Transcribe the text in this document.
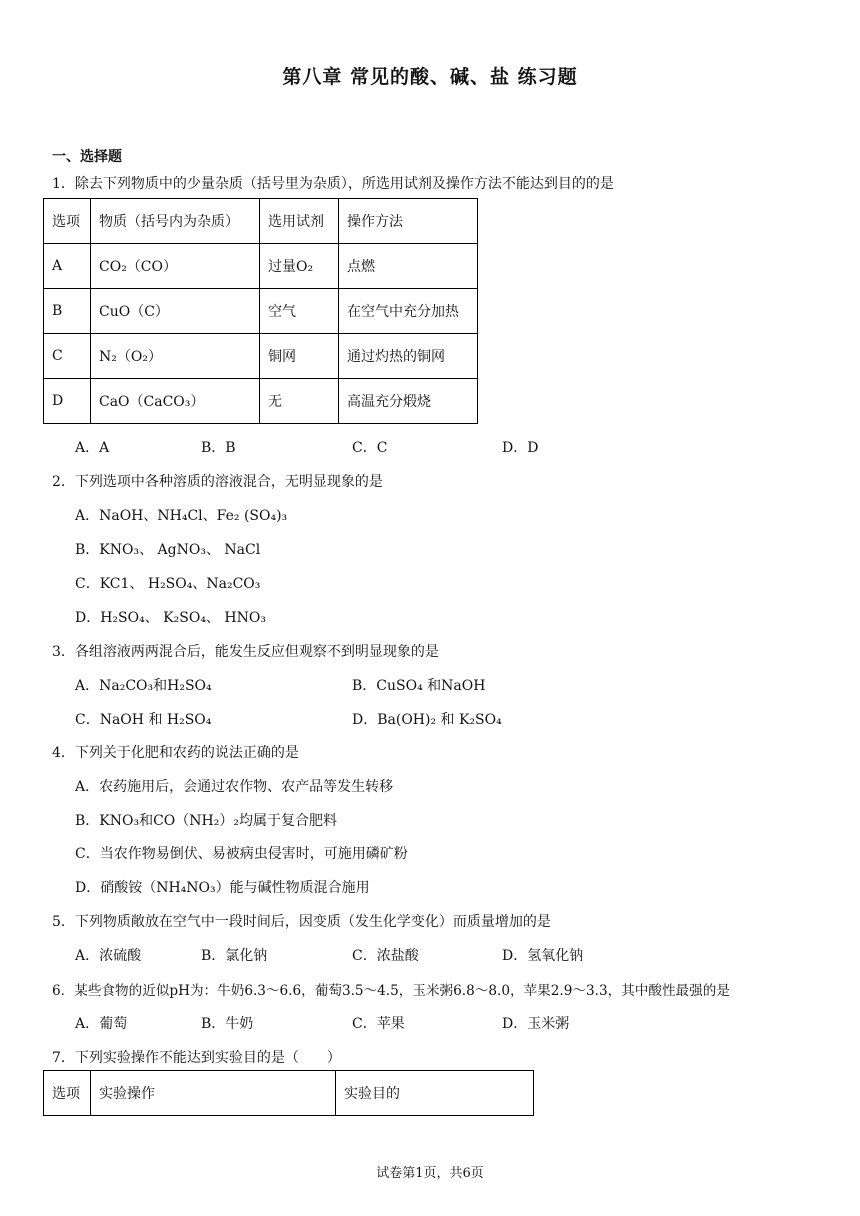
第八章 常见的酸、碱、盐 练习题
一、选择题
1．除去下列物质中的少量杂质（括号里为杂质），所选用试剂及操作方法不能达到目的的是
选项	物质（括号内为杂质）	选用试剂	操作方法
A	CO₂（CO）	过量O₂	点燃
B	CuO（C）	空气	在空气中充分加热
C	N₂（O₂）	铜网	通过灼热的铜网
D	CaO（CaCO₃）	无	高温充分煅烧
A．A	B．B	C．C	D．D
2．下列选项中各种溶质的溶液混合，无明显现象的是
A．NaOH、NH₄Cl、Fe₂ (SO₄)₃
B．KNO₃、 AgNO₃、 NaCl
C．KC1、 H₂SO₄、Na₂CO₃
D．H₂SO₄、 K₂SO₄、 HNO₃
3．各组溶液两两混合后，能发生反应但观察不到明显现象的是
A．Na₂CO₃和H₂SO₄	B．CuSO₄ 和NaOH
C．NaOH 和 H₂SO₄	D．Ba(OH)₂ 和 K₂SO₄
4．下列关于化肥和农药的说法正确的是
A．农药施用后，会通过农作物、农产品等发生转移
B．KNO₃和CO（NH₂）₂均属于复合肥料
C．当农作物易倒伏、易被病虫侵害时，可施用磷矿粉
D．硝酸铵（NH₄NO₃）能与碱性物质混合施用
5．下列物质敞放在空气中一段时间后，因变质（发生化学变化）而质量增加的是
A．浓硫酸	B．氯化钠	C．浓盐酸	D．氢氧化钠
6．某些食物的近似pH为：牛奶6.3～6.6，葡萄3.5～4.5，玉米粥6.8～8.0，苹果2.9～3.3，其中酸性最强的是
A．葡萄	B．牛奶	C．苹果	D．玉米粥
7．下列实验操作不能达到实验目的是（　　）
选项	实验操作	实验目的
试卷第1页，共6页
